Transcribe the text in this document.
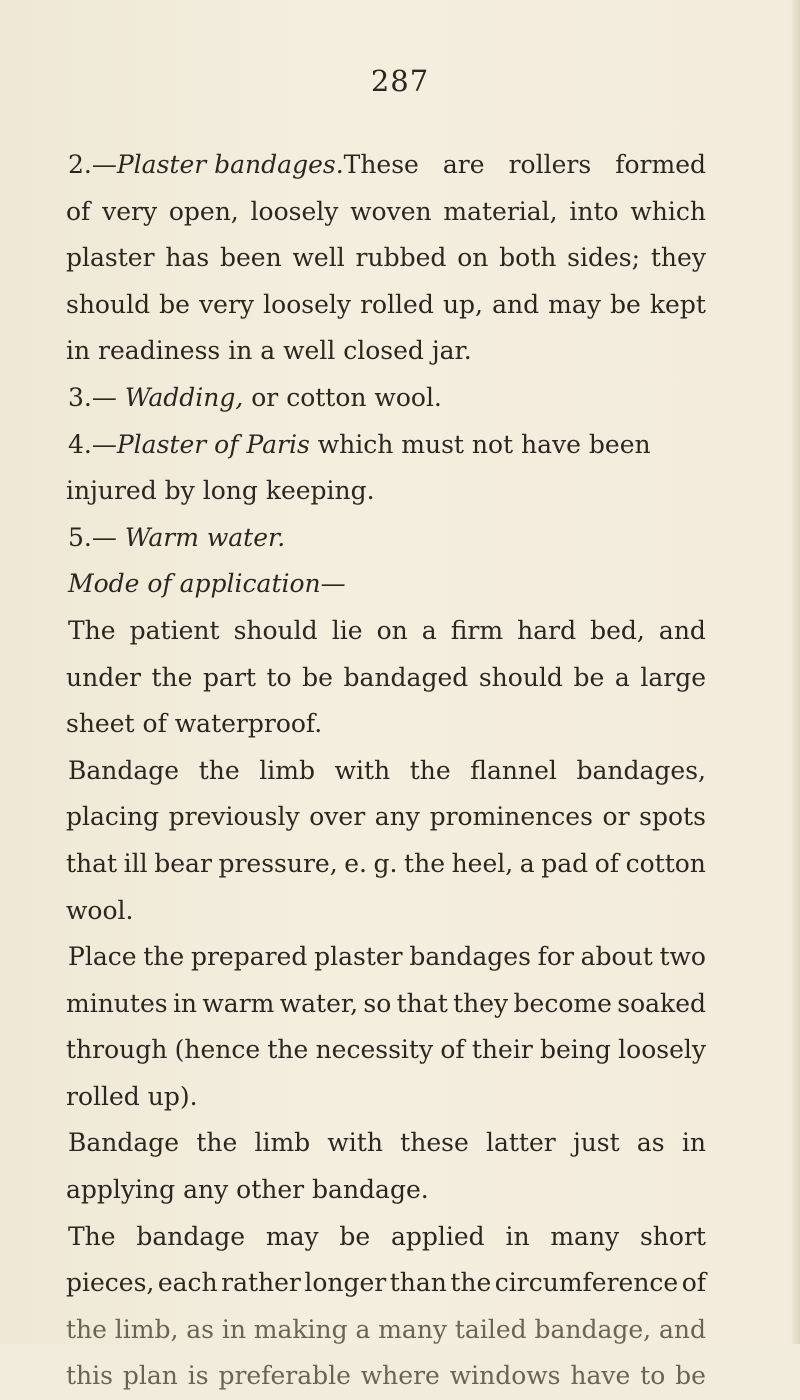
287
2.—Plaster bandages. These are rollers formed
of very open, loosely woven material, into which
plaster has been well rubbed on both sides; they
should be very loosely rolled up, and may be kept
in readiness in a well closed jar.
3.— Wadding, or cotton wool.
4.—Plaster of Paris which must not have been
injured by long keeping.
5.— Warm water.
Mode of application—
The patient should lie on a firm hard bed, and
under the part to be bandaged should be a large
sheet of waterproof.
Bandage the limb with the flannel bandages,
placing previously over any prominences or spots
that ill bear pressure, e. g. the heel, a pad of cotton
wool.
Place the prepared plaster bandages for about two
minutes in warm water, so that they become soaked
through (hence the necessity of their being loosely
rolled up).
Bandage the limb with these latter just as in
applying any other bandage.
The bandage may be applied in many short
pieces, each rather longer than the circumference of
the limb, as in making a many tailed bandage, and
this plan is preferable where windows have to be
